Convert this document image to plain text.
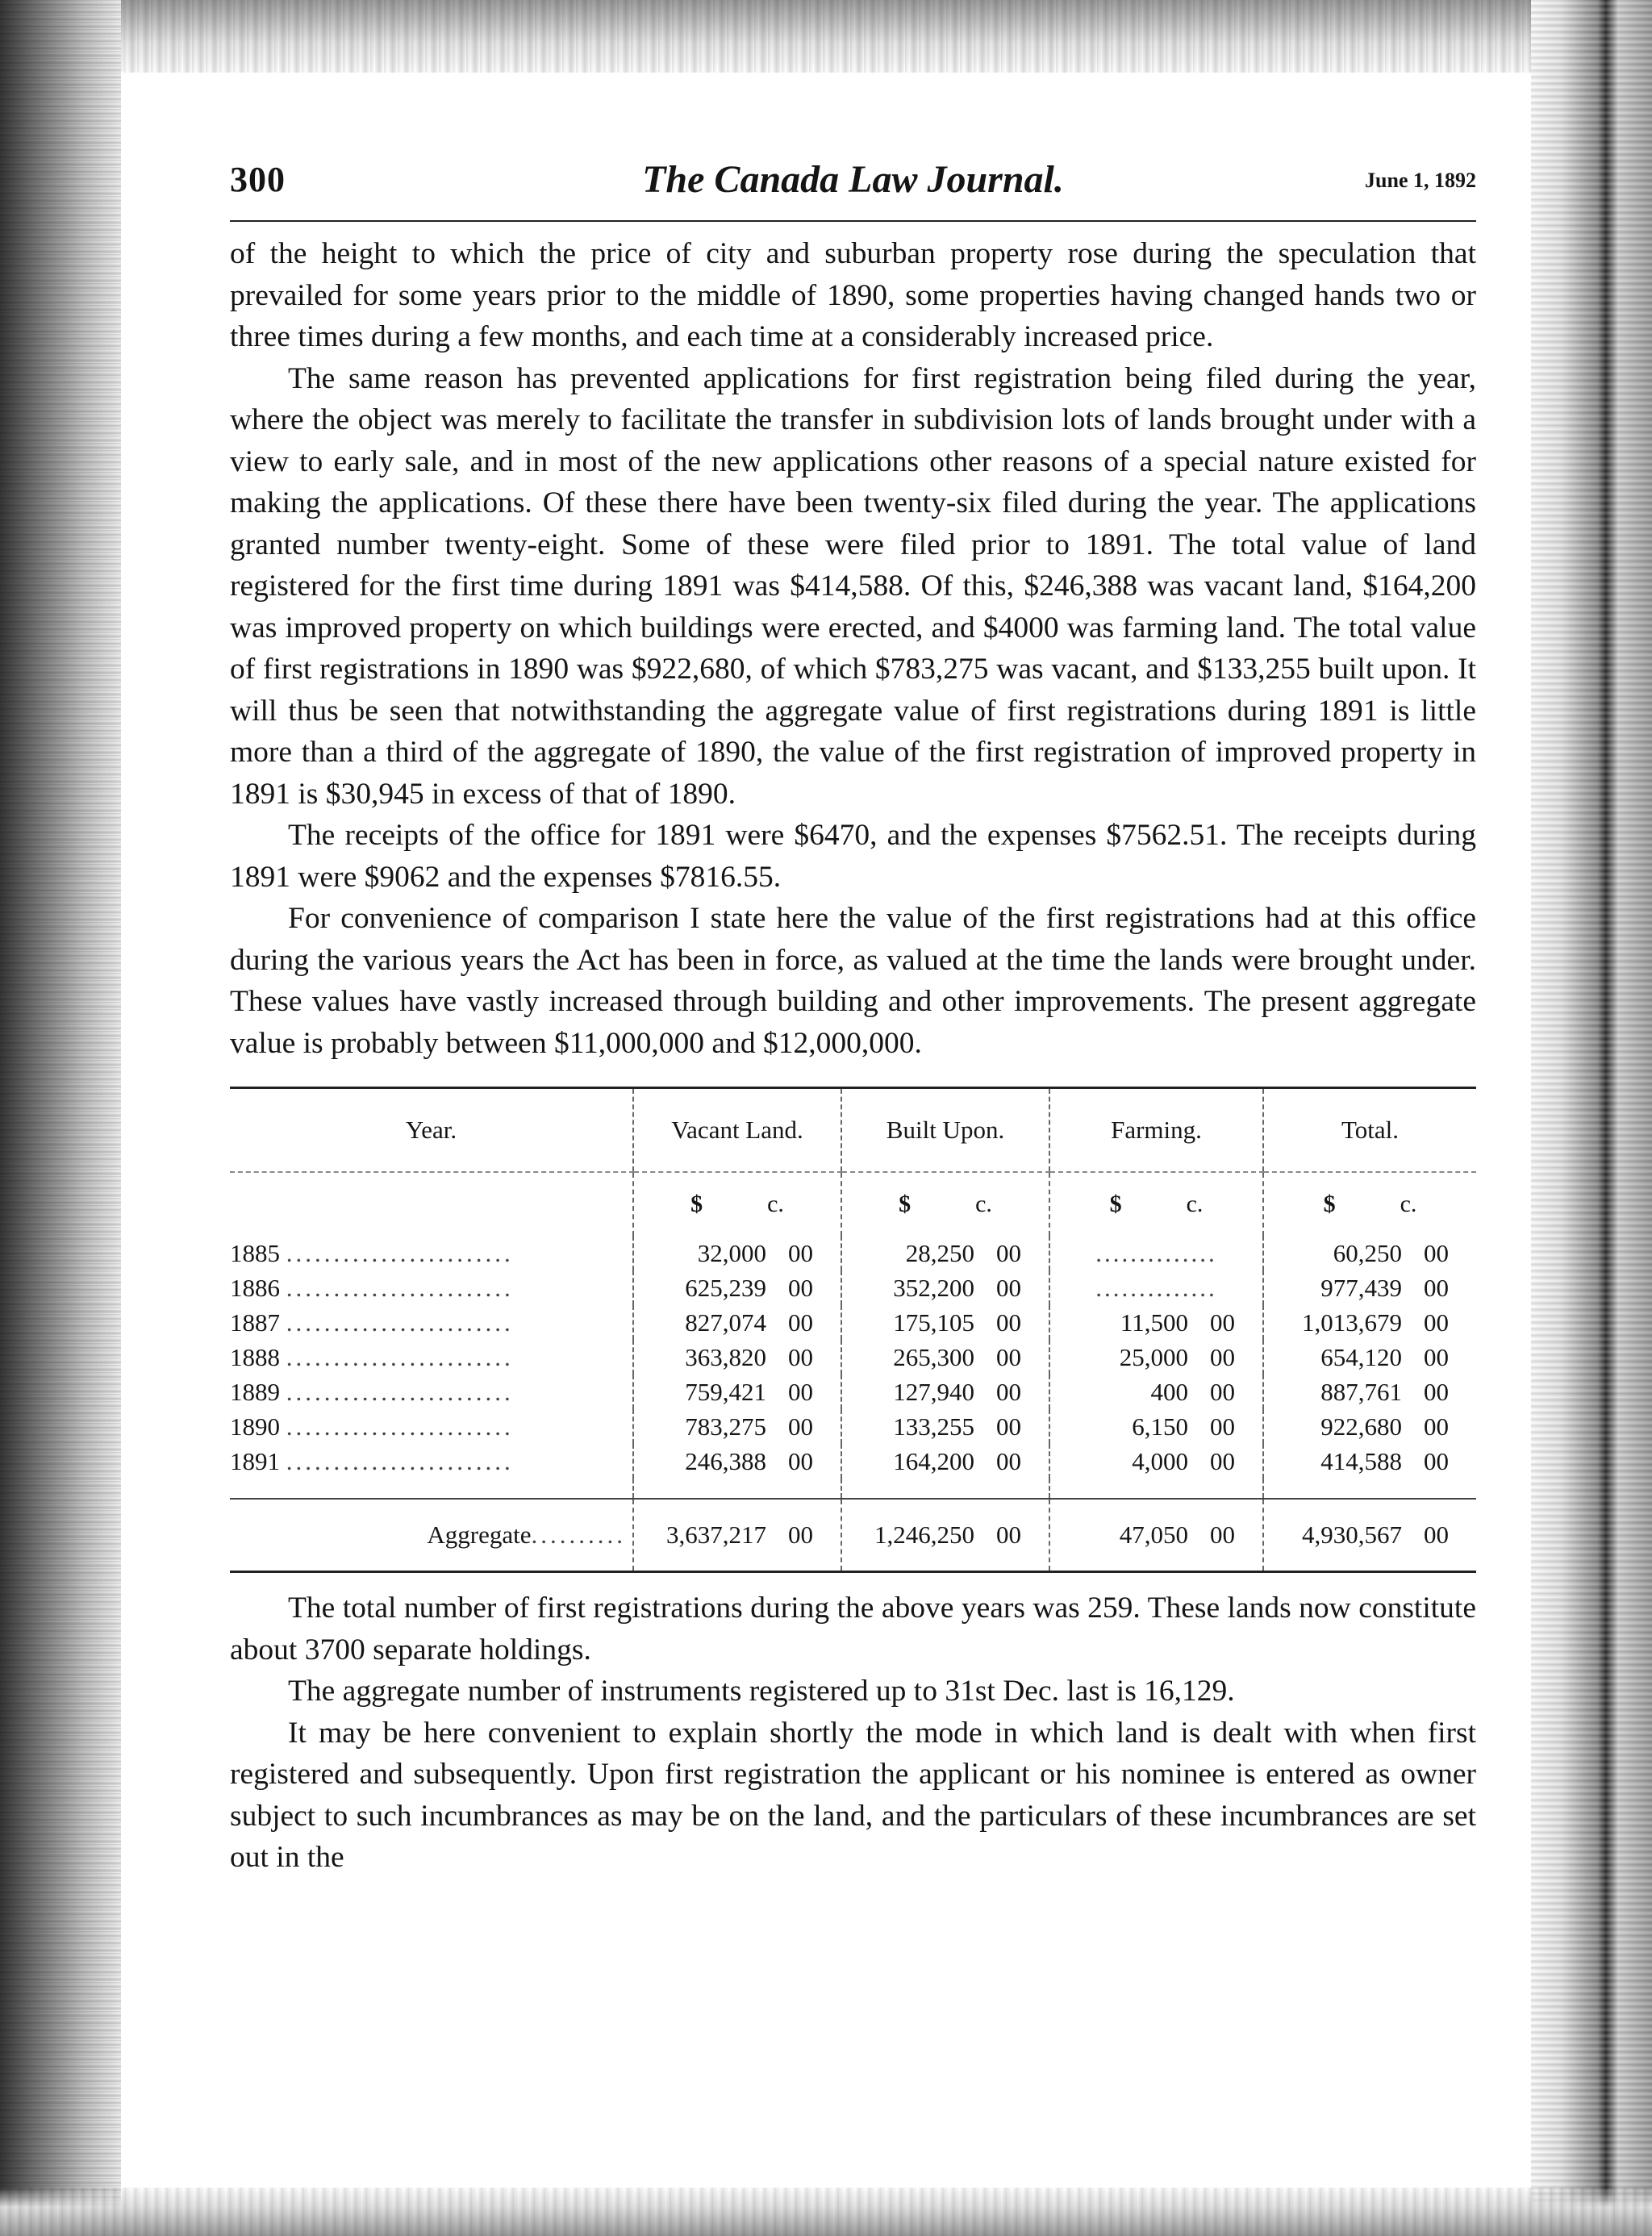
300	The Canada Law Journal.	June 1, 1892

of the height to which the price of city and suburban property rose during the speculation that prevailed for some years prior to the middle of 1890, some properties having changed hands two or three times during a few months, and each time at a considerably increased price.

The same reason has prevented applications for first registration being filed during the year, where the object was merely to facilitate the transfer in subdivision lots of lands brought under with a view to early sale, and in most of the new applications other reasons of a special nature existed for making the applications. Of these there have been twenty-six filed during the year. The applications granted number twenty-eight. Some of these were filed prior to 1891. The total value of land registered for the first time during 1891 was $414,588. Of this, $246,388 was vacant land, $164,200 was improved property on which buildings were erected, and $4000 was farming land. The total value of first registrations in 1890 was $922,680, of which $783,275 was vacant, and $133,255 built upon. It will thus be seen that notwithstanding the aggregate value of first registrations during 1891 is little more than a third of the aggregate of 1890, the value of the first registration of improved property in 1891 is $30,945 in excess of that of 1890.

The receipts of the office for 1891 were $6470, and the expenses $7562.51. The receipts during 1891 were $9062 and the expenses $7816.55.

For convenience of comparison I state here the value of the first registrations had at this office during the various years the Act has been in force, as valued at the time the lands were brought under. These values have vastly increased through building and other improvements. The present aggregate value is probably between $11,000,000 and $12,000,000.

Year.	Vacant Land.	Built Upon.	Farming.	Total.
	$ c.	$ c.	$ c.	$ c.
1885 ........................	32,000 00	28,250 00	..............	60,250 00
1886 ........................	625,239 00	352,200 00	..............	977,439 00
1887 ........................	827,074 00	175,105 00	11,500 00	1,013,679 00
1888 ........................	363,820 00	265,300 00	25,000 00	654,120 00
1889 ........................	759,421 00	127,940 00	400 00	887,761 00
1890 ........................	783,275 00	133,255 00	6,150 00	922,680 00
1891 ........................	246,388 00	164,200 00	4,000 00	414,588 00

Aggregate..........	3,637,217 00	1,246,250 00	47,050 00	4,930,567 00

The total number of first registrations during the above years was 259. These lands now constitute about 3700 separate holdings.

The aggregate number of instruments registered up to 31st Dec. last is 16,129.

It may be here convenient to explain shortly the mode in which land is dealt with when first registered and subsequently. Upon first registration the applicant or his nominee is entered as owner subject to such incumbrances as may be on the land, and the particulars of these incumbrances are set out in the
